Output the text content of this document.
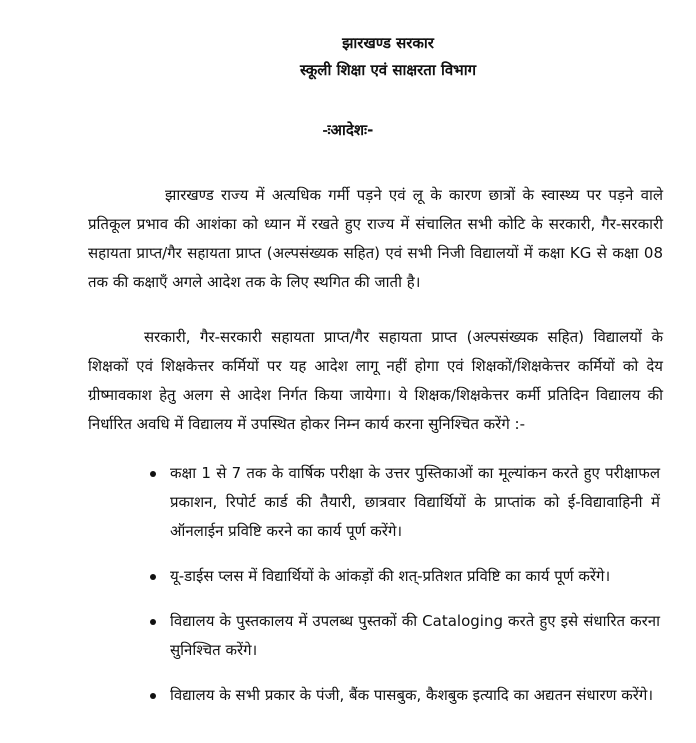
झारखण्ड सरकार
स्कूली शिक्षा एवं साक्षरता विभाग
-ःआदेशः-

झारखण्ड राज्य में अत्यधिक गर्मी पड़ने एवं लू के कारण छात्रों के स्वास्थ्य पर पड़ने वाले प्रतिकूल प्रभाव की आशंका को ध्यान में रखते हुए राज्य में संचालित सभी कोटि के सरकारी, गैर-सरकारी सहायता प्राप्त/गैर सहायता प्राप्त (अल्पसंख्यक सहित) एवं सभी निजी विद्यालयों में कक्षा KG से कक्षा 08 तक की कक्षाएँ अगले आदेश तक के लिए स्थगित की जाती है।

सरकारी, गैर-सरकारी सहायता प्राप्त/गैर सहायता प्राप्त (अल्पसंख्यक सहित) विद्यालयों के शिक्षकों एवं शिक्षकेत्तर कर्मियों पर यह आदेश लागू नहीं होगा एवं शिक्षकों/शिक्षकेत्तर कर्मियों को देय ग्रीष्मावकाश हेतु अलग से आदेश निर्गत किया जायेगा। ये शिक्षक/शिक्षकेत्तर कर्मी प्रतिदिन विद्यालय की निर्धारित अवधि में विद्यालय में उपस्थित होकर निम्न कार्य करना सुनिश्चित करेंगे :-

कक्षा 1 से 7 तक के वार्षिक परीक्षा के उत्तर पुस्तिकाओं का मूल्यांकन करते हुए परीक्षाफल प्रकाशन, रिपोर्ट कार्ड की तैयारी, छात्रवार विद्यार्थियों के प्राप्तांक को ई-विद्यावाहिनी में ऑनलाईन प्रविष्टि करने का कार्य पूर्ण करेंगे।
यू-डाईस प्लस में विद्यार्थियों के आंकड़ों की शत्-प्रतिशत प्रविष्टि का कार्य पूर्ण करेंगे।
विद्यालय के पुस्तकालय में उपलब्ध पुस्तकों की Cataloging करते हुए इसे संधारित करना सुनिश्चित करेंगे।
विद्यालय के सभी प्रकार के पंजी, बैंक पासबुक, कैशबुक इत्यादि का अद्यतन संधारण करेंगे।
